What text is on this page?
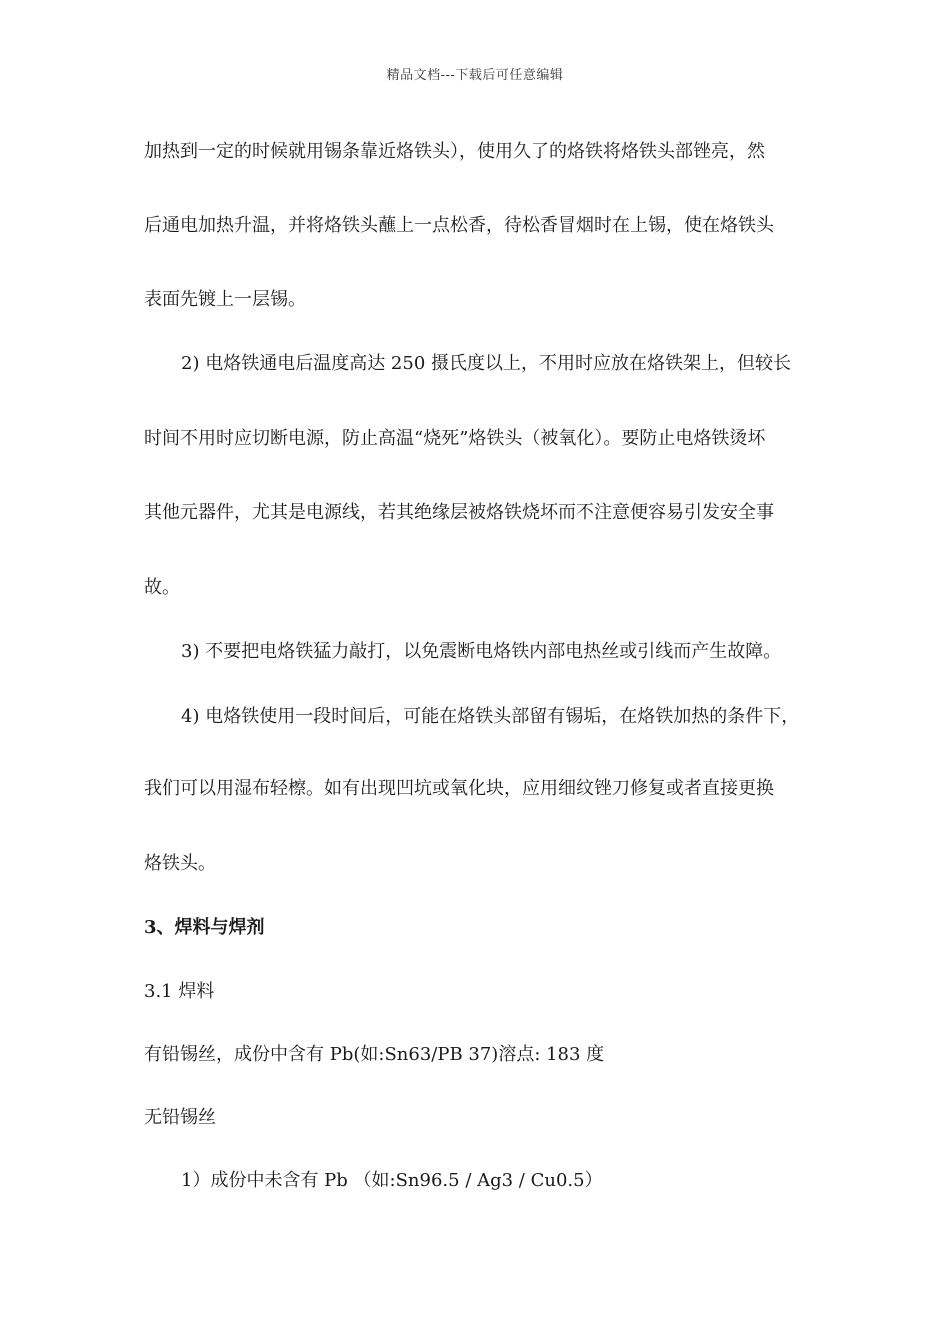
精品文档---下载后可任意编辑
加热到一定的时候就用锡条靠近烙铁头），使用久了的烙铁将烙铁头部锉亮，然
后通电加热升温，并将烙铁头蘸上一点松香，待松香冒烟时在上锡，使在烙铁头
表面先镀上一层锡。
2) 电烙铁通电后温度高达 250 摄氏度以上，不用时应放在烙铁架上，但较长
时间不用时应切断电源，防止高温“烧死”烙铁头（被氧化）。要防止电烙铁烫坏
其他元器件，尤其是电源线，若其绝缘层被烙铁烧坏而不注意便容易引发安全事
故。
3) 不要把电烙铁猛力敲打，以免震断电烙铁内部电热丝或引线而产生故障。
4) 电烙铁使用一段时间后，可能在烙铁头部留有锡垢，在烙铁加热的条件下，
我们可以用湿布轻檫。如有出现凹坑或氧化块，应用细纹锉刀修复或者直接更换
烙铁头。
3、焊料与焊剂
3.1 焊料
有铅锡丝，成份中含有 Pb(如:Sn63/PB 37)溶点: 183 度
无铅锡丝
1）成份中未含有 Pb （如:Sn96.5 / Ag3 / Cu0.5）
